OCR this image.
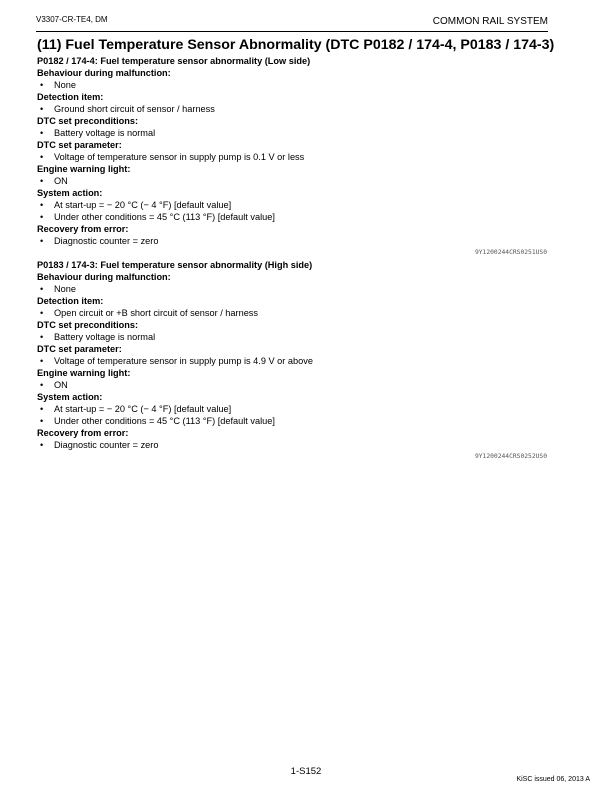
V3307-CR-TE4, DM	COMMON RAIL SYSTEM
(11) Fuel Temperature Sensor Abnormality (DTC P0182 / 174-4, P0183 / 174-3)
P0182 / 174-4: Fuel temperature sensor abnormality (Low side)
Behaviour during malfunction:
• None
Detection item:
• Ground short circuit of sensor / harness
DTC set preconditions:
• Battery voltage is normal
DTC set parameter:
• Voltage of temperature sensor in supply pump is 0.1 V or less
Engine warning light:
• ON
System action:
• At start-up = − 20 °C (− 4 °F) [default value]
• Under other conditions = 45 °C (113 °F) [default value]
Recovery from error:
• Diagnostic counter = zero
9Y1200244CRS0251US0
P0183 / 174-3: Fuel temperature sensor abnormality (High side)
Behaviour during malfunction:
• None
Detection item:
• Open circuit or +B short circuit of sensor / harness
DTC set preconditions:
• Battery voltage is normal
DTC set parameter:
• Voltage of temperature sensor in supply pump is 4.9 V or above
Engine warning light:
• ON
System action:
• At start-up = − 20 °C (− 4 °F) [default value]
• Under other conditions = 45 °C (113 °F) [default value]
Recovery from error:
• Diagnostic counter = zero
9Y1200244CRS0252US0
1-S152
KiSC issued 06, 2013 A
